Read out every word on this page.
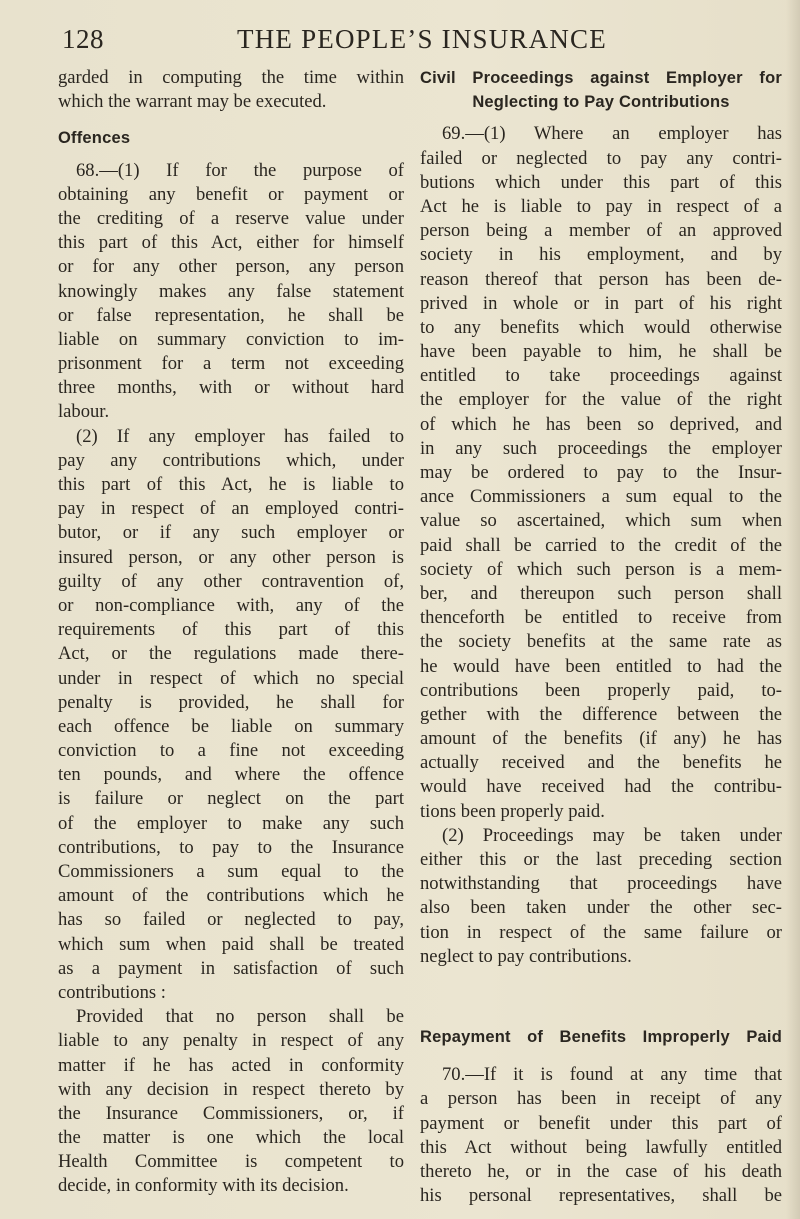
128	THE PEOPLE’S INSURANCE
garded in computing the time within
which the warrant may be executed.
Offences
68.—(1) If for the purpose of
obtaining any benefit or payment or
the crediting of a reserve value under
this part of this Act, either for himself
or for any other person, any person
knowingly makes any false statement
or false representation, he shall be
liable on summary conviction to im-
prisonment for a term not exceeding
three months, with or without hard
labour.
(2) If any employer has failed to
pay any contributions which, under
this part of this Act, he is liable to
pay in respect of an employed contri-
butor, or if any such employer or
insured person, or any other person is
guilty of any other contravention of,
or non-compliance with, any of the
requirements of this part of this
Act, or the regulations made there-
under in respect of which no special
penalty is provided, he shall for
each offence be liable on summary
conviction to a fine not exceeding
ten pounds, and where the offence
is failure or neglect on the part
of the employer to make any such
contributions, to pay to the Insurance
Commissioners a sum equal to the
amount of the contributions which he
has so failed or neglected to pay,
which sum when paid shall be treated
as a payment in satisfaction of such
contributions :
Provided that no person shall be
liable to any penalty in respect of any
matter if he has acted in conformity
with any decision in respect thereto by
the Insurance Commissioners, or, if
the matter is one which the local
Health Committee is competent to
decide, in conformity with its decision.
Civil Proceedings against Employer for
Neglecting to Pay Contributions
69.—(1) Where an employer has
failed or neglected to pay any contri-
butions which under this part of this
Act he is liable to pay in respect of a
person being a member of an approved
society in his employment, and by
reason thereof that person has been de-
prived in whole or in part of his right
to any benefits which would otherwise
have been payable to him, he shall be
entitled to take proceedings against
the employer for the value of the right
of which he has been so deprived, and
in any such proceedings the employer
may be ordered to pay to the Insur-
ance Commissioners a sum equal to the
value so ascertained, which sum when
paid shall be carried to the credit of the
society of which such person is a mem-
ber, and thereupon such person shall
thenceforth be entitled to receive from
the society benefits at the same rate as
he would have been entitled to had the
contributions been properly paid, to-
gether with the difference between the
amount of the benefits (if any) he has
actually received and the benefits he
would have received had the contribu-
tions been properly paid.
(2) Proceedings may be taken under
either this or the last preceding section
notwithstanding that proceedings have
also been taken under the other sec-
tion in respect of the same failure or
neglect to pay contributions.
Repayment of Benefits Improperly Paid
70.—If it is found at any time that
a person has been in receipt of any
payment or benefit under this part of
this Act without being lawfully entitled
thereto he, or in the case of his death
his personal representatives, shall be
